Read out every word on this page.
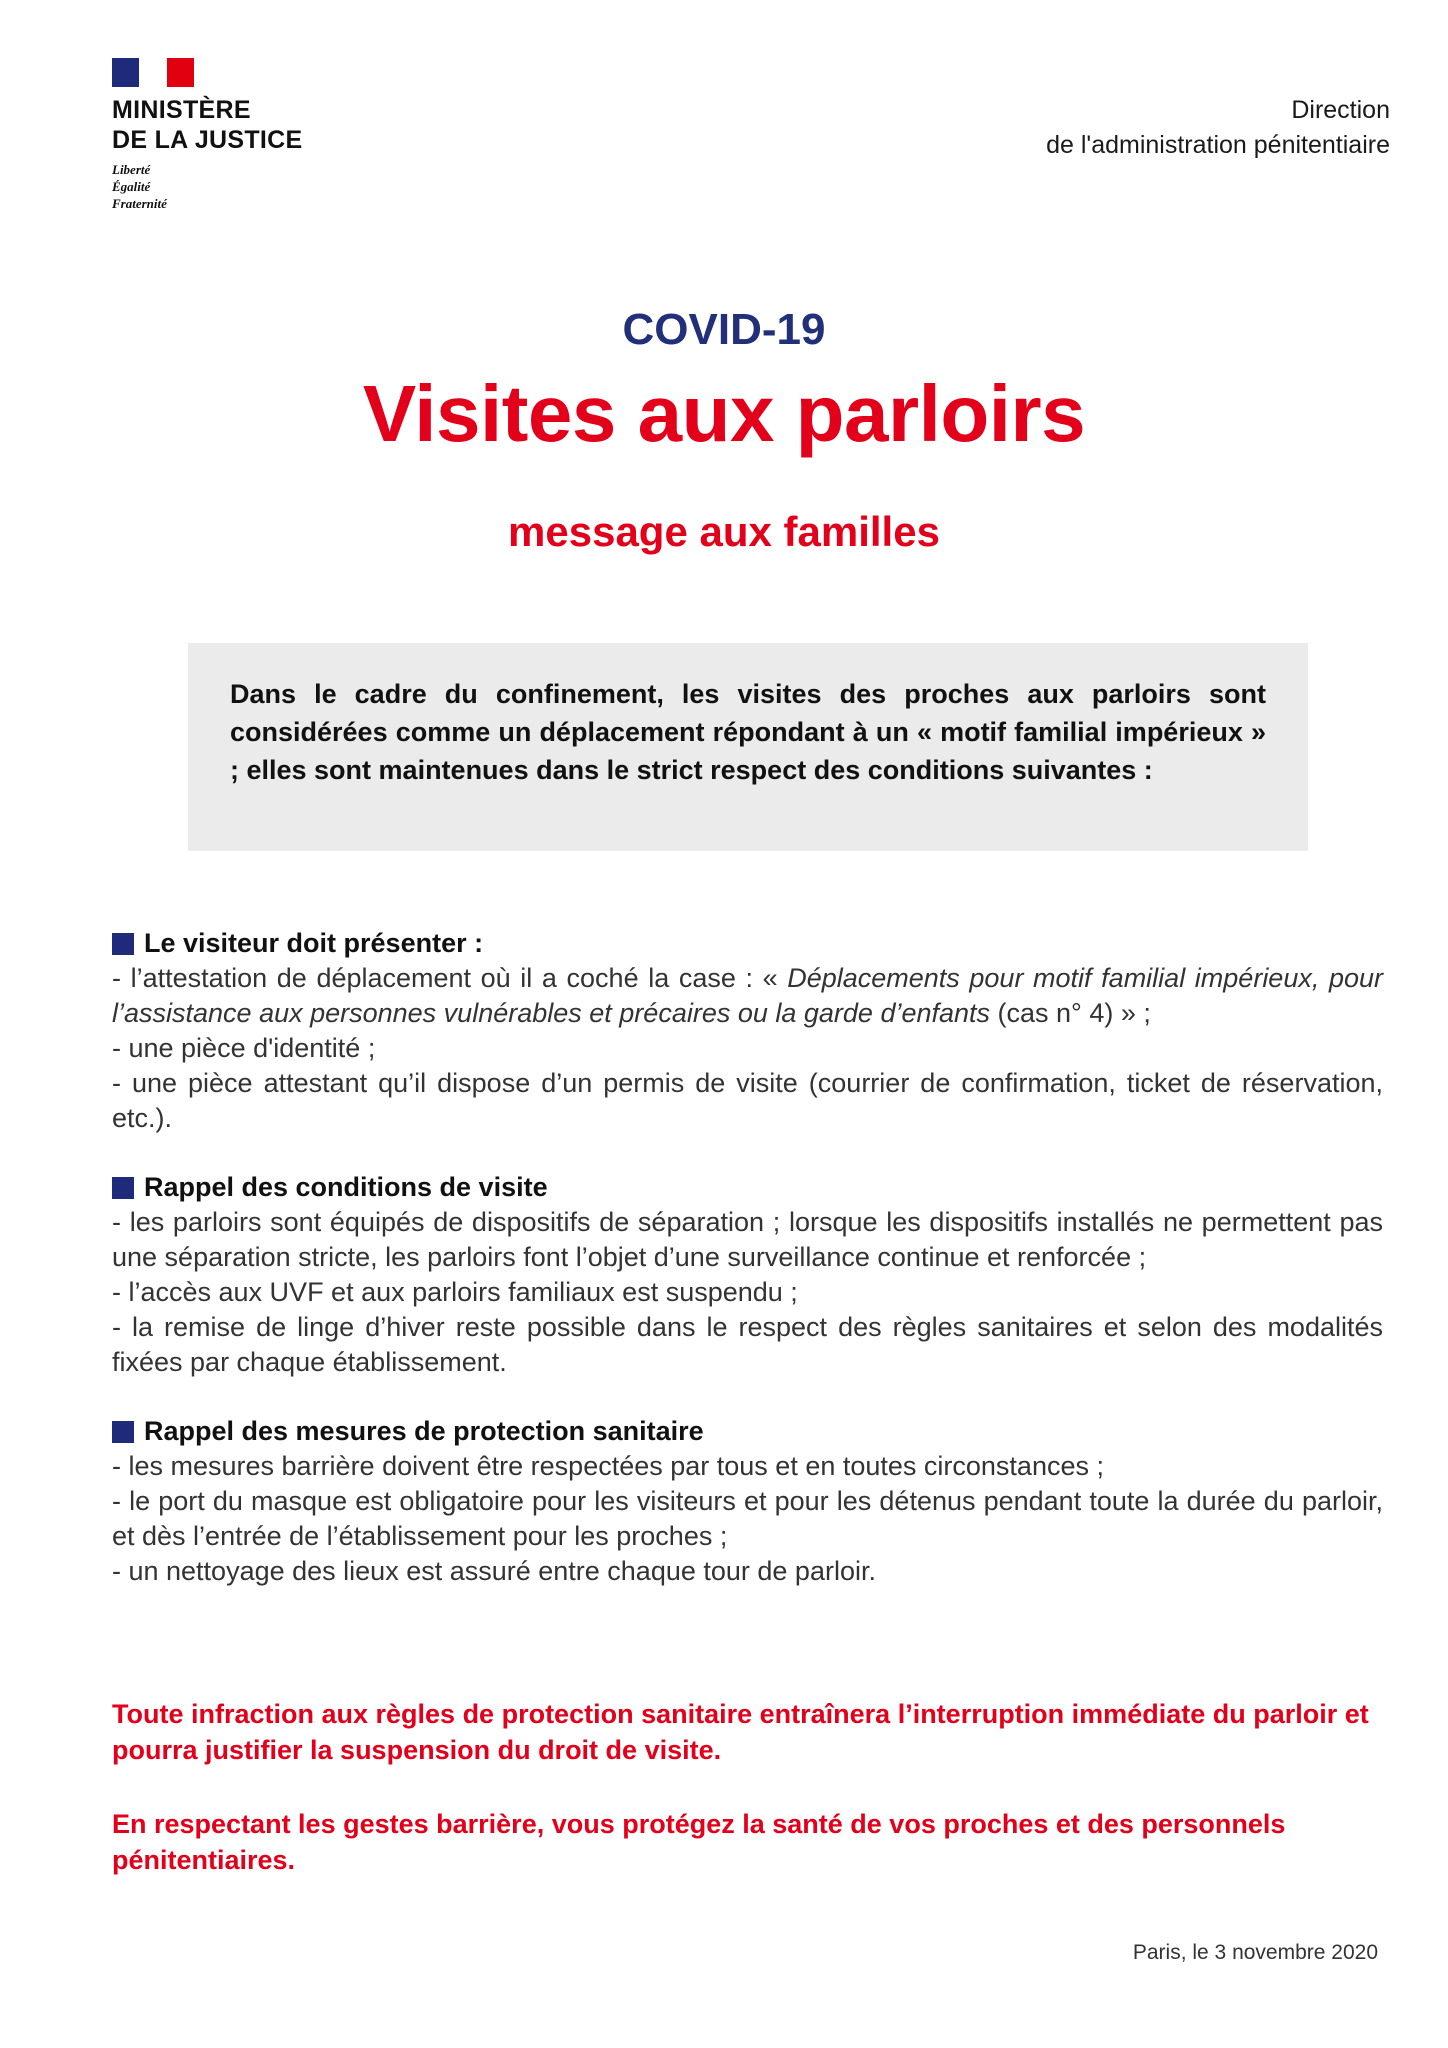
MINISTÈRE
DE LA JUSTICE
Liberté
Égalité
Fraternité
Direction
de l'administration pénitentiaire
COVID-19
Visites aux parloirs
message aux familles
Dans le cadre du confinement, les visites des proches aux parloirs sont considérées comme un déplacement répondant à un « motif familial impérieux » ; elles sont maintenues dans le strict respect des conditions suivantes :
Le visiteur doit présenter :
- l’attestation de déplacement où il a coché la case : « Déplacements pour motif familial impérieux, pour l’assistance aux personnes vulnérables et précaires ou la garde d’enfants (cas n° 4) » ;
- une pièce d'identité ;
- une pièce attestant qu’il dispose d’un permis de visite (courrier de confirmation, ticket de réservation, etc.).
Rappel des conditions de visite
- les parloirs sont équipés de dispositifs de séparation ; lorsque les dispositifs installés ne permettent pas une séparation stricte, les parloirs font l’objet d’une surveillance continue et renforcée ;
- l’accès aux UVF et aux parloirs familiaux est suspendu ;
- la remise de linge d’hiver reste possible dans le respect des règles sanitaires et selon des modalités fixées par chaque établissement.
Rappel des mesures de protection sanitaire
- les mesures barrière doivent être respectées par tous et en toutes circonstances ;
- le port du masque est obligatoire pour les visiteurs et pour les détenus pendant toute la durée du parloir, et dès l’entrée de l’établissement pour les proches ;
- un nettoyage des lieux est assuré entre chaque tour de parloir.
Toute infraction aux règles de protection sanitaire entraînera l’interruption immédiate du parloir et pourra justifier la suspension du droit de visite.
En respectant les gestes barrière, vous protégez la santé de vos proches et des personnels pénitentiaires.
Paris, le 3 novembre 2020
